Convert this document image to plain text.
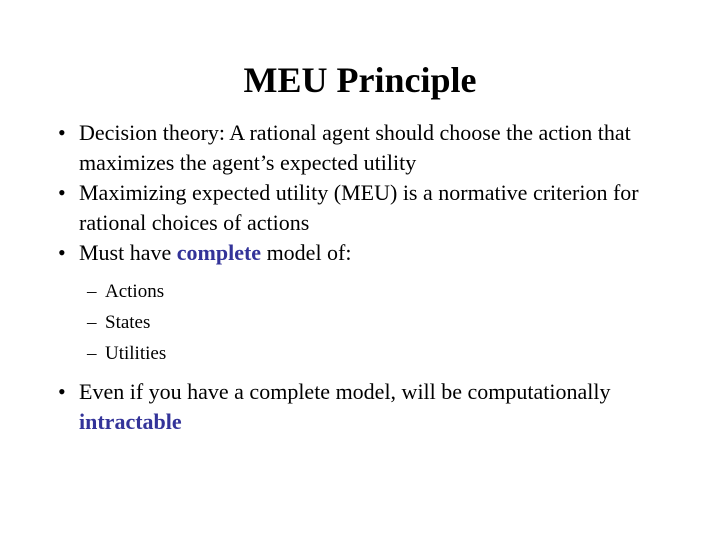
MEU Principle
• Decision theory: A rational agent should choose the action that maximizes the agent’s expected utility
• Maximizing expected utility (MEU) is a normative criterion for rational choices of actions
• Must have complete model of:
– Actions
– States
– Utilities
• Even if you have a complete model, will be computationally intractable
